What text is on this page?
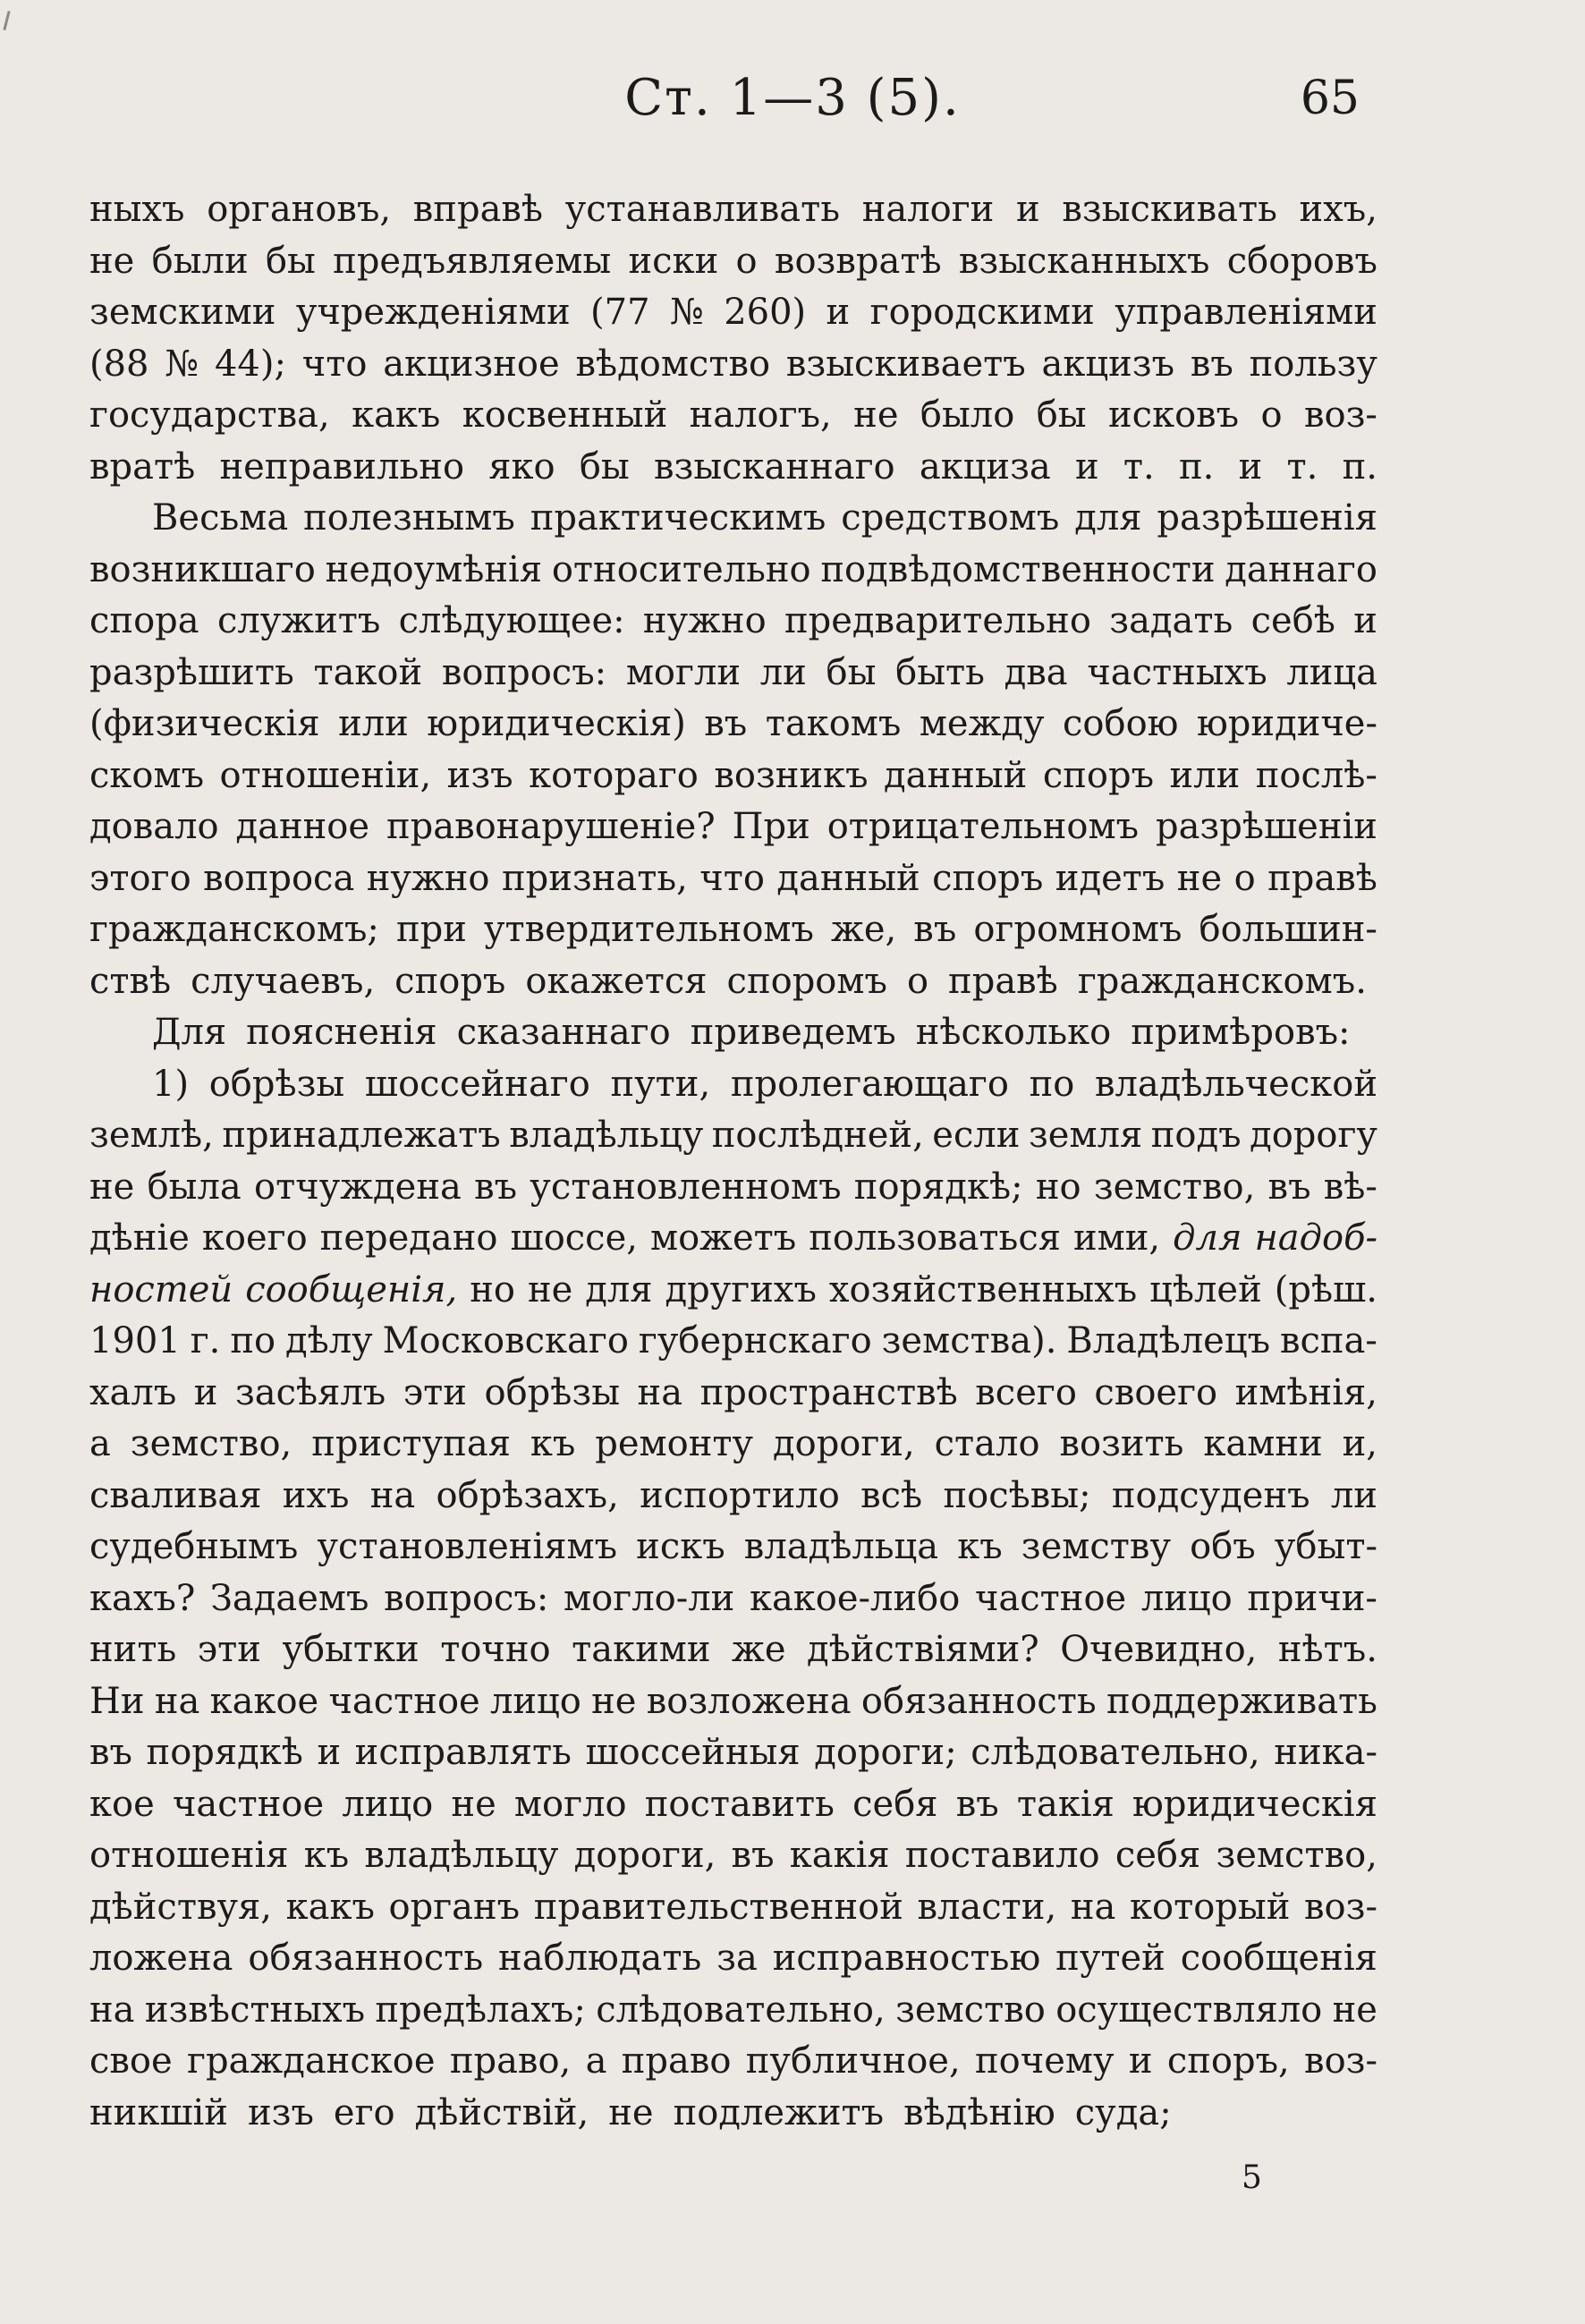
Ст. 1—3 (5).	65
ныхъ органовъ, вправѣ устанавливать налоги и взыскивать ихъ,
не были бы предъявляемы иски о возвратѣ взысканныхъ сборовъ
земскими учрежденіями (77 № 260) и городскими управленіями
(88 № 44); что акцизное вѣдомство взыскиваетъ акцизъ въ пользу
государства, какъ косвенный налогъ, не было бы исковъ о воз-
вратѣ неправильно яко бы взысканнаго акциза и т. п. и т. п.
Весьма полезнымъ практическимъ средствомъ для разрѣшенія
возникшаго недоумѣнія относительно подвѣдомственности даннаго
спора служитъ слѣдующее: нужно предварительно задать себѣ и
разрѣшить такой вопросъ: могли ли бы быть два частныхъ лица
(физическія или юридическія) въ такомъ между собою юридиче-
скомъ отношеніи, изъ котораго возникъ данный споръ или послѣ-
довало данное правонарушеніе? При отрицательномъ разрѣшеніи
этого вопроса нужно признать, что данный споръ идетъ не о правѣ
гражданскомъ; при утвердительномъ же, въ огромномъ большин-
ствѣ случаевъ, споръ окажется споромъ о правѣ гражданскомъ.
Для поясненія сказаннаго приведемъ нѣсколько примѣровъ:
1) обрѣзы шоссейнаго пути, пролегающаго по владѣльческой
землѣ, принадлежатъ владѣльцу послѣдней, если земля подъ дорогу
не была отчуждена въ установленномъ порядкѣ; но земство, въ вѣ-
дѣніе коего передано шоссе, можетъ пользоваться ими, для надоб-
ностей сообщенія, но не для другихъ хозяйственныхъ цѣлей (рѣш.
1901 г. по дѣлу Московскаго губернскаго земства). Владѣлецъ вспа-
халъ и засѣялъ эти обрѣзы на пространствѣ всего своего имѣнія,
а земство, приступая къ ремонту дороги, стало возить камни и,
сваливая ихъ на обрѣзахъ, испортило всѣ посѣвы; подсуденъ ли
судебнымъ установленіямъ искъ владѣльца къ земству объ убыт-
кахъ? Задаемъ вопросъ: могло-ли какое-либо частное лицо причи-
нить эти убытки точно такими же дѣйствіями? Очевидно, нѣтъ.
Ни на какое частное лицо не возложена обязанность поддерживать
въ порядкѣ и исправлять шоссейныя дороги; слѣдовательно, ника-
кое частное лицо не могло поставить себя въ такія юридическія
отношенія къ владѣльцу дороги, въ какія поставило себя земство,
дѣйствуя, какъ органъ правительственной власти, на который воз-
ложена обязанность наблюдать за исправностью путей сообщенія
на извѣстныхъ предѣлахъ; слѣдовательно, земство осуществляло не
свое гражданское право, а право публичное, почему и споръ, воз-
никшій изъ его дѣйствій, не подлежитъ вѣдѣнію суда;
5
